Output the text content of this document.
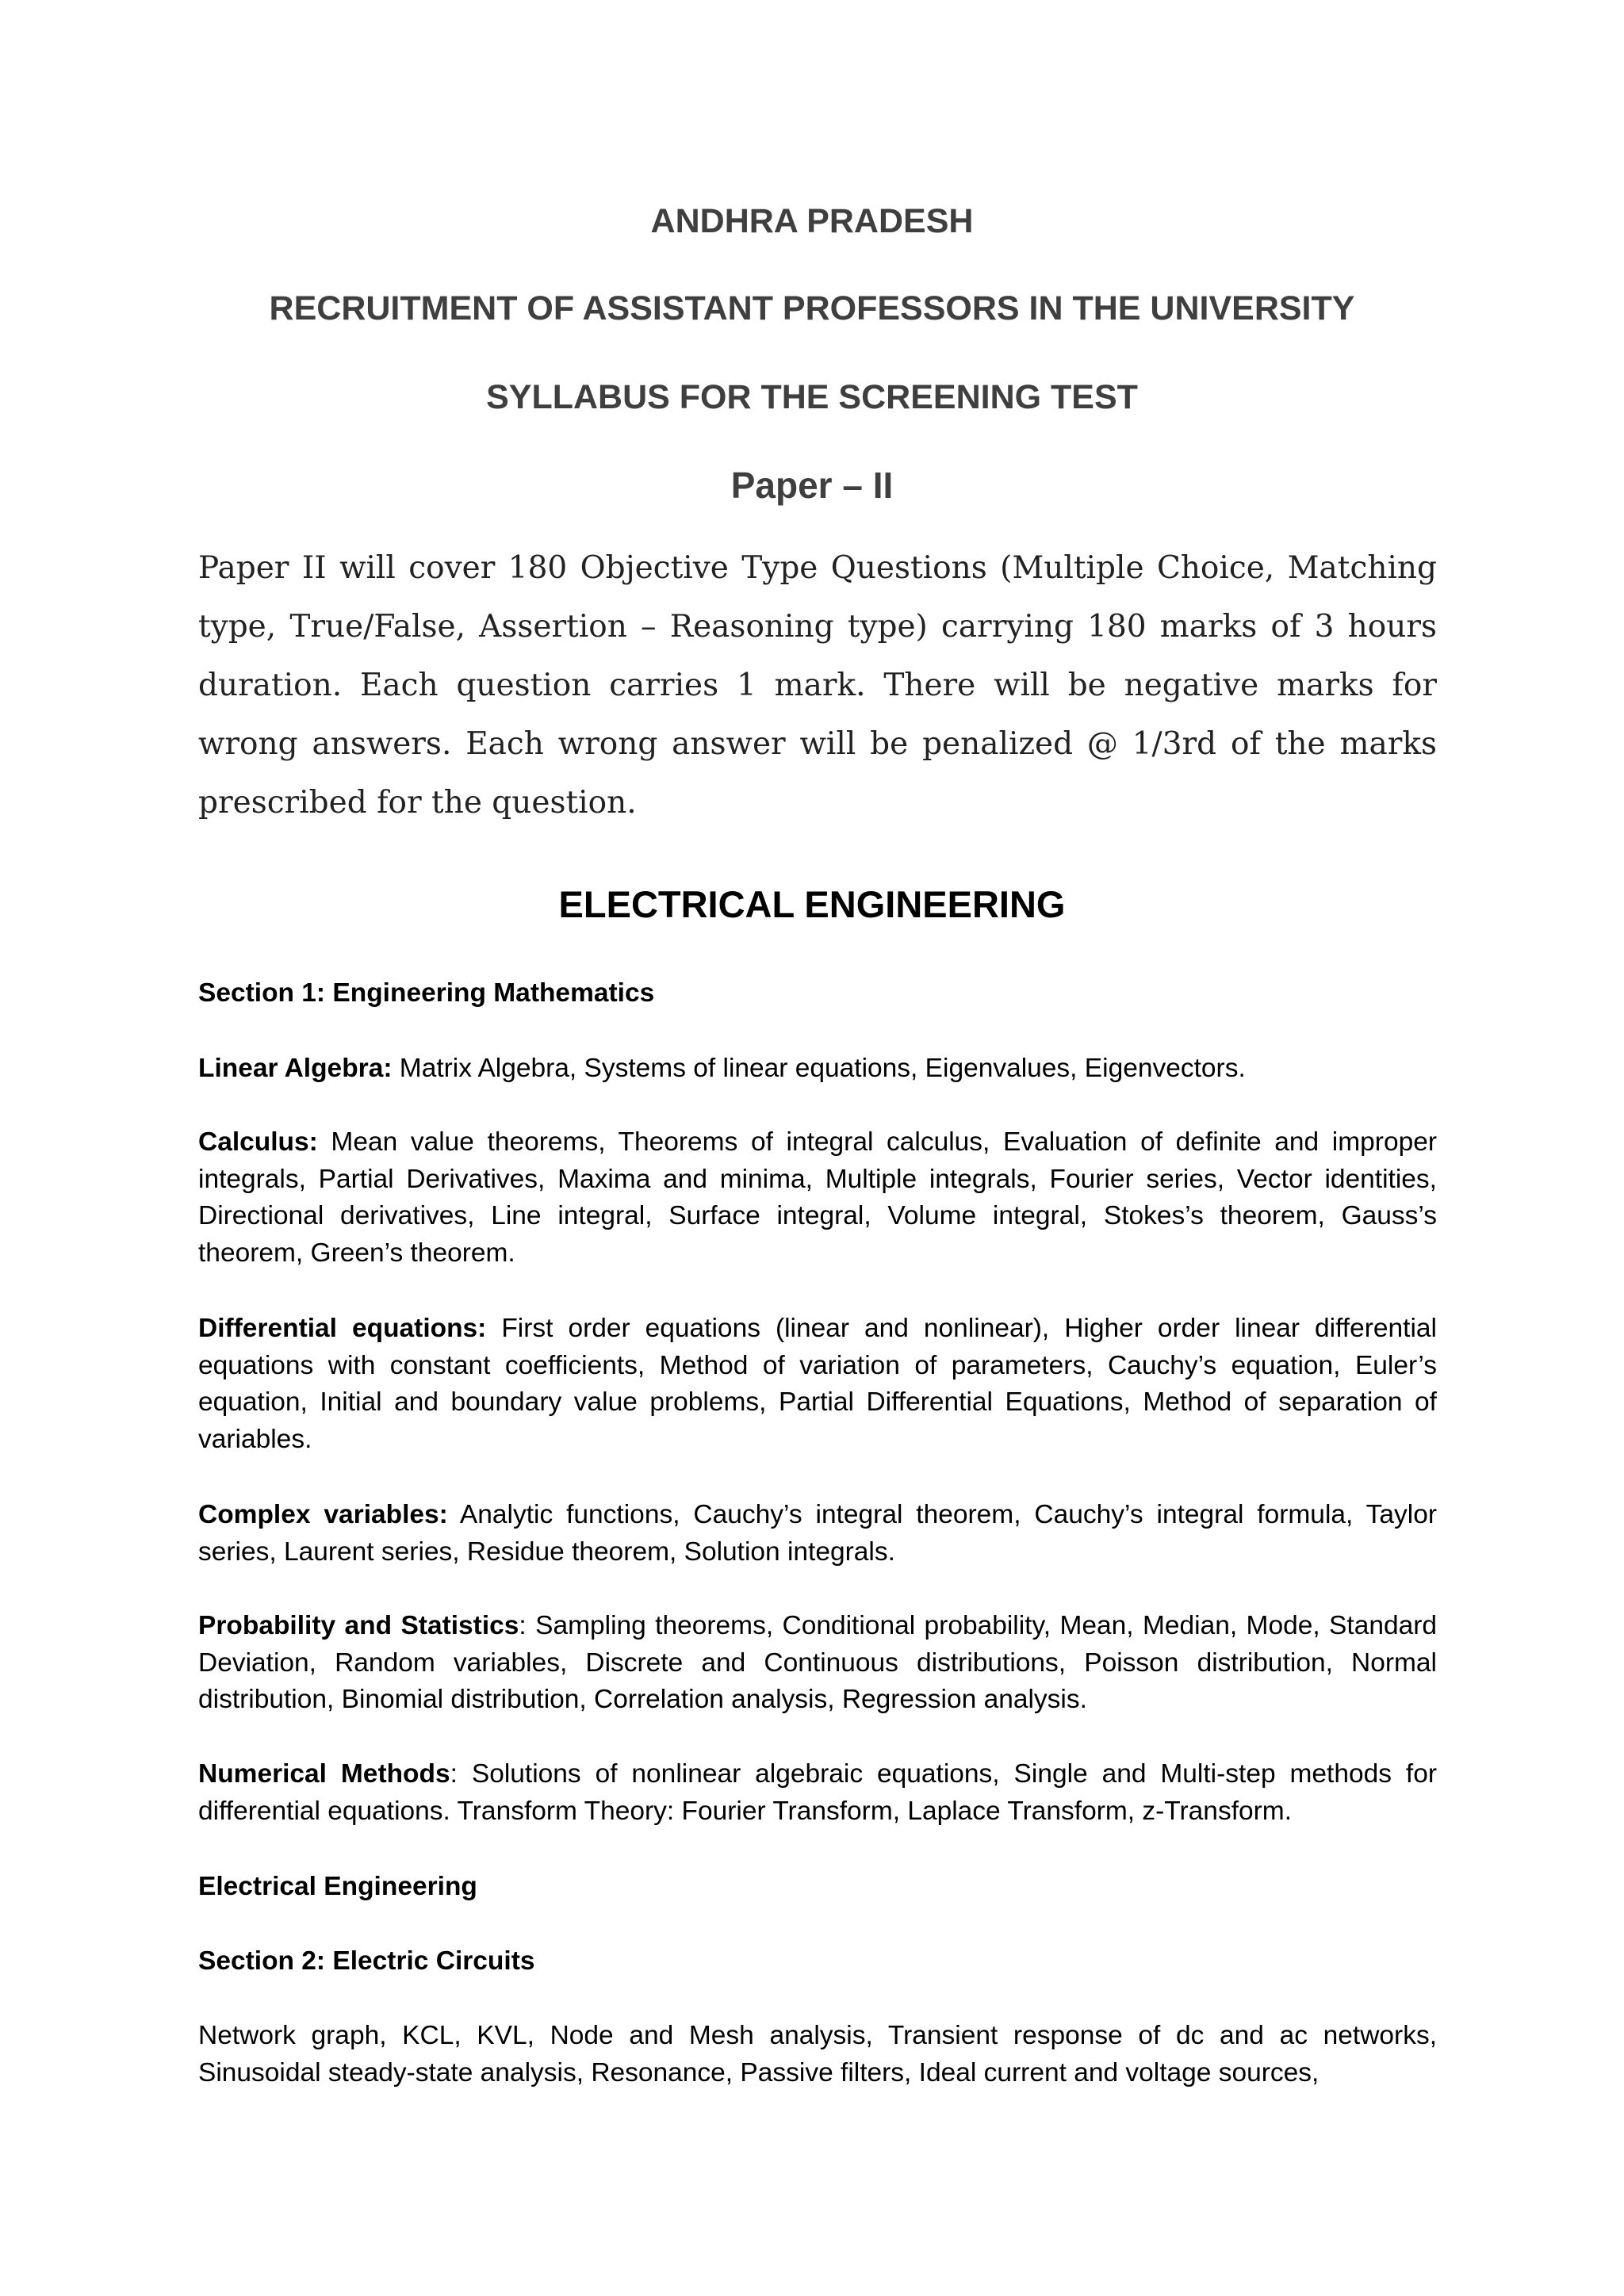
ANDHRA PRADESH
RECRUITMENT OF ASSISTANT PROFESSORS IN THE UNIVERSITY
SYLLABUS FOR THE SCREENING TEST
Paper – II
Paper II will cover 180 Objective Type Questions (Multiple Choice, Matching type, True/False, Assertion – Reasoning type) carrying 180 marks of 3 hours duration. Each question carries 1 mark. There will be negative marks for wrong answers. Each wrong answer will be penalized @ 1/3rd of the marks prescribed for the question.
ELECTRICAL ENGINEERING

Section 1: Engineering Mathematics

Linear Algebra: Matrix Algebra, Systems of linear equations, Eigenvalues, Eigenvectors.

Calculus: Mean value theorems, Theorems of integral calculus, Evaluation of definite and improper integrals, Partial Derivatives, Maxima and minima, Multiple integrals, Fourier series, Vector identities, Directional derivatives, Line integral, Surface integral, Volume integral, Stokes’s theorem, Gauss’s theorem, Green’s theorem.

Differential equations: First order equations (linear and nonlinear), Higher order linear differential equations with constant coefficients, Method of variation of parameters, Cauchy’s equation, Euler’s equation, Initial and boundary value problems, Partial Differential Equations, Method of separation of variables.

Complex variables: Analytic functions, Cauchy’s integral theorem, Cauchy’s integral formula, Taylor series, Laurent series, Residue theorem, Solution integrals.

Probability and Statistics: Sampling theorems, Conditional probability, Mean, Median, Mode, Standard Deviation, Random variables, Discrete and Continuous distributions, Poisson distribution, Normal distribution, Binomial distribution, Correlation analysis, Regression analysis.

Numerical Methods: Solutions of nonlinear algebraic equations, Single and Multi-step methods for differential equations. Transform Theory: Fourier Transform, Laplace Transform, z-Transform.

Electrical Engineering

Section 2: Electric Circuits

Network graph, KCL, KVL, Node and Mesh analysis, Transient response of dc and ac networks, Sinusoidal steady-state analysis, Resonance, Passive filters, Ideal current and voltage sources,
